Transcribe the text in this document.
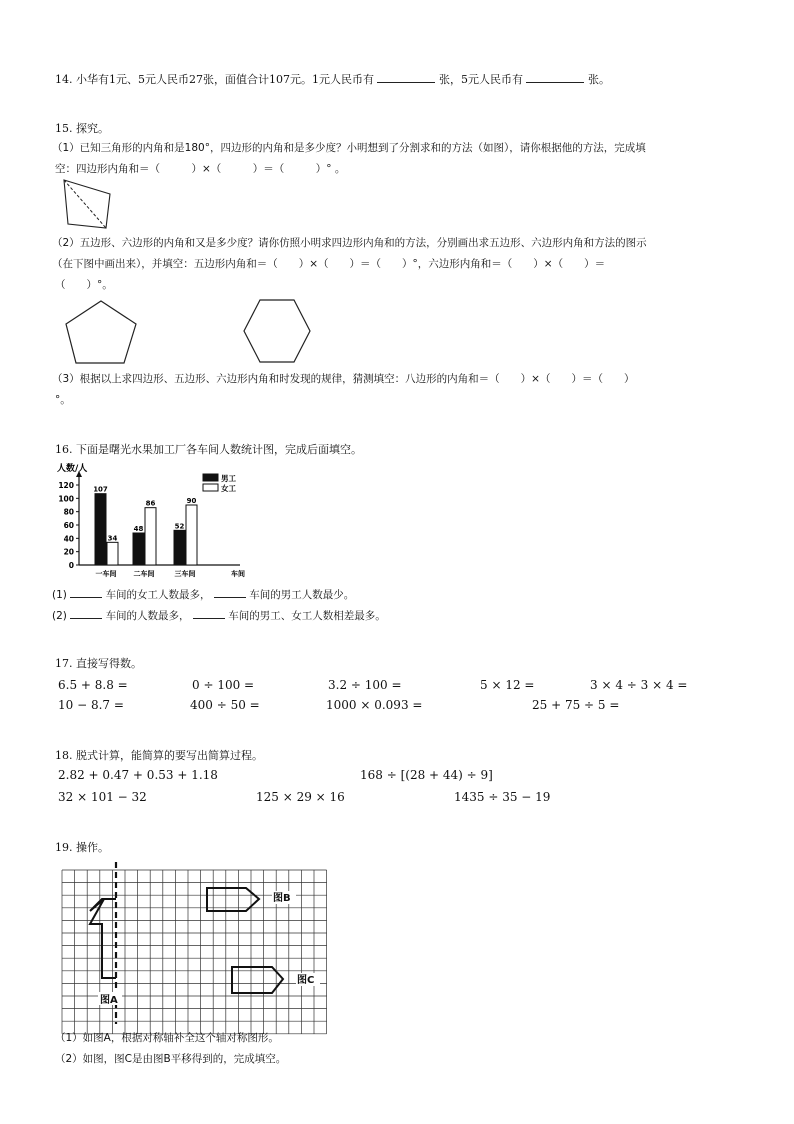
14. 小华有1元、5元人民币27张，面值合计107元。1元人民币有	张，5元人民币有	张。
15. 探究。
（1）已知三角形的内角和是180°，四边形的内角和是多少度？小明想到了分割求和的方法（如图），请你根据他的方法，完成填
空：四边形内角和＝（　　　）×（　　　）＝（　　　）° 。
（2）五边形、六边形的内角和又是多少度？请你仿照小明求四边形内角和的方法，分别画出求五边形、六边形内角和方法的图示
（在下图中画出来），并填空：五边形内角和＝（　　）×（　　）＝（　　）°，六边形内角和＝（　　）×（　　）＝
（　　）°。
（3）根据以上求四边形、五边形、六边形内角和时发现的规律，猜测填空：八边形的内角和＝（　　）×（　　）＝（　　）
°。
16. 下面是曙光水果加工厂各车间人数统计图，完成后面填空。
人数/人
车间
0
20
40
60
80
100
120	107
34
一车间
48
86
二车间
52
90
三车间
男工
女工
(1)	车间的女工人数最多，	车间的男工人数最少。
(2)	车间的人数最多，	车间的男工、女工人数相差最多。
17. 直接写得数。
6.5 + 8.8 =	0 ÷ 100 =	3.2 ÷ 100 =	5 × 12 =	3 × 4 ÷ 3 × 4 =
10 − 8.7 =	400 ÷ 50 =	1000 × 0.093 =	25 + 75 ÷ 5 =
18. 脱式计算，能简算的要写出简算过程。
2.82 + 0.47 + 0.53 + 1.18	168 ÷ [(28 + 44) ÷ 9]
32 × 101 − 32	125 × 29 × 16	1435 ÷ 35 − 19
19. 操作。
图A
图B
图C
（1）如图A，根据对称轴补全这个轴对称图形。
（2）如图，图C是由图B平移得到的，完成填空。
